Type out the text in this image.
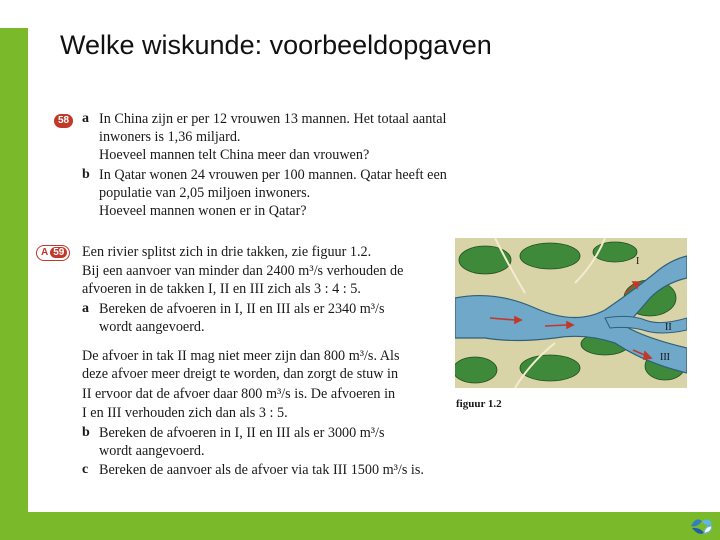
Welke wiskunde: voorbeeldopgaven
58 a In China zijn er per 12 vrouwen 13 mannen. Het totaal aantal
inwoners is 1,36 miljard.
Hoeveel mannen telt China meer dan vrouwen?
b In Qatar wonen 24 vrouwen per 100 mannen. Qatar heeft een
populatie van 2,05 miljoen inwoners.
Hoeveel mannen wonen er in Qatar?
A 59	Een rivier splitst zich in drie takken, zie figuur 1.2.
Bij een aanvoer van minder dan 2400 m³/s verhouden de
afvoeren in de takken I, II en III zich als 3 : 4 : 5.
a Bereken de afvoeren in I, II en III als er 2340 m³/s
wordt aangevoerd.
De afvoer in tak II mag niet meer zijn dan 800 m³/s. Als
deze afvoer meer dreigt te worden, dan zorgt de stuw in
II ervoor dat de afvoer daar 800 m³/s is. De afvoeren in
I en III verhouden zich dan als 3 : 5.
b Bereken de afvoeren in I, II en III als er 3000 m³/s
wordt aangevoerd.
c Bereken de aanvoer als de afvoer via tak III 1500 m³/s is.
I
II
III
figuur 1.2
